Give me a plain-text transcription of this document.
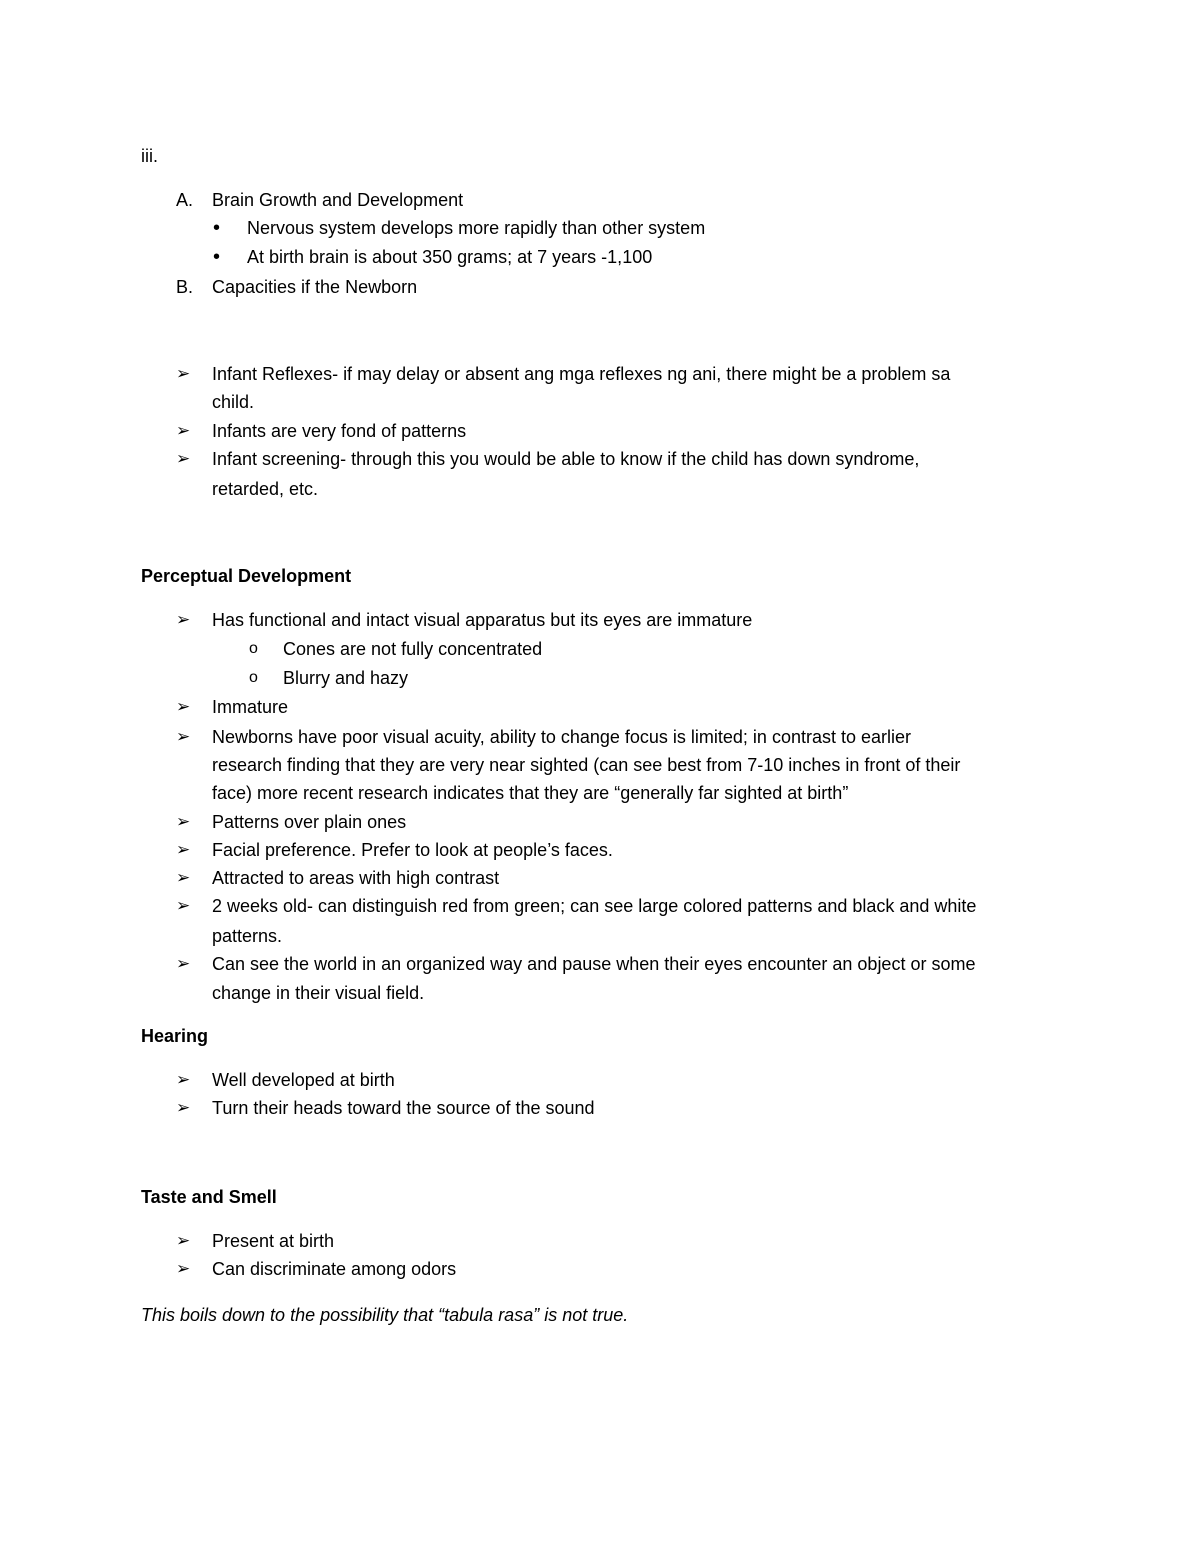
iii.
A. Brain Growth and Development
• Nervous system develops more rapidly than other system
• At birth brain is about 350 grams; at 7 years -1,100
B. Capacities if the Newborn
➢ Infant Reflexes- if may delay or absent ang mga reflexes ng ani, there might be a problem sa
child.
➢ Infants are very fond of patterns
➢ Infant screening- through this you would be able to know if the child has down syndrome,
retarded, etc.
Perceptual Development
➢ Has functional and intact visual apparatus but its eyes are immature
o Cones are not fully concentrated
o Blurry and hazy
➢ Immature
➢ Newborns have poor visual acuity, ability to change focus is limited; in contrast to earlier
research finding that they are very near sighted (can see best from 7-10 inches in front of their
face) more recent research indicates that they are “generally far sighted at birth”
➢ Patterns over plain ones
➢ Facial preference. Prefer to look at people’s faces.
➢ Attracted to areas with high contrast
➢ 2 weeks old- can distinguish red from green; can see large colored patterns and black and white
patterns.
➢ Can see the world in an organized way and pause when their eyes encounter an object or some
change in their visual field.
Hearing
➢ Well developed at birth
➢ Turn their heads toward the source of the sound
Taste and Smell
➢ Present at birth
➢ Can discriminate among odors
This boils down to the possibility that “tabula rasa” is not true.
